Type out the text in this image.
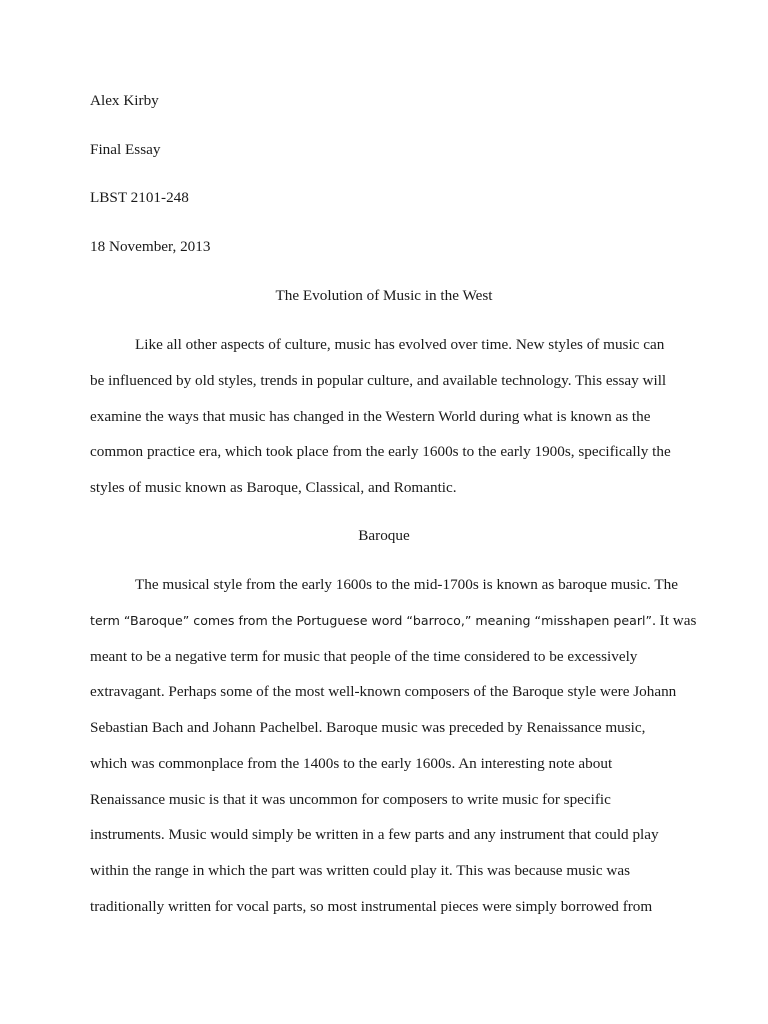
Alex Kirby
Final Essay
LBST 2101-248
18 November, 2013
The Evolution of Music in the West
Like all other aspects of culture, music has evolved over time. New styles of music can
be influenced by old styles, trends in popular culture, and available technology. This essay will
examine the ways that music has changed in the Western World during what is known as the
common practice era, which took place from the early 1600s to the early 1900s, specifically the
styles of music known as Baroque, Classical, and Romantic.
Baroque
The musical style from the early 1600s to the mid-1700s is known as baroque music. The
term “Baroque” comes from the Portuguese word “barroco,” meaning “misshapen pearl”. It was
meant to be a negative term for music that people of the time considered to be excessively
extravagant. Perhaps some of the most well-known composers of the Baroque style were Johann
Sebastian Bach and Johann Pachelbel. Baroque music was preceded by Renaissance music,
which was commonplace from the 1400s to the early 1600s. An interesting note about
Renaissance music is that it was uncommon for composers to write music for specific
instruments. Music would simply be written in a few parts and any instrument that could play
within the range in which the part was written could play it. This was because music was
traditionally written for vocal parts, so most instrumental pieces were simply borrowed from
